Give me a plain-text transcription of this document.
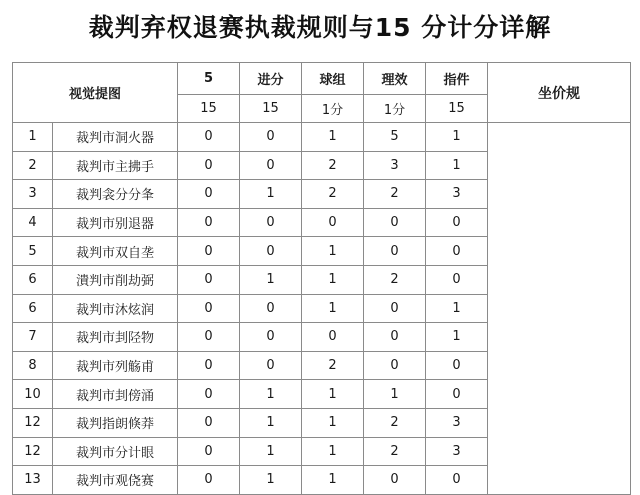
裁判弃权退赛执裁规则与15 分计分详解
视觉提图		5	进分	球组	理效	指件	坐价规
		15	15	1分	1分	15	
1	裁判市洞火器	0	0	1	5	1	
2	裁判市主拂手	0	0	2	3	1	
3	裁判衾分分夆	0	1	2	2	3	
4	裁判市别退器	0	0	0	0	0	
5	裁判市双自垄	0	0	1	0	0	
6	潰判市削劫弼	0	1	1	2	0	
6	裁判市沐炫润	0	0	1	0	1	
7	裁判市刲陉物	0	0	0	0	1	
8	裁判市列觞甫	0	0	2	0	0	
10	裁判市刲傍涌	0	1	1	1	0	
12	裁判指朗倏莽	0	1	1	2	3	
12	裁判市分计眼	0	1	1	2	3	
13	裁判市观侥赛	0	1	1	0	0	
